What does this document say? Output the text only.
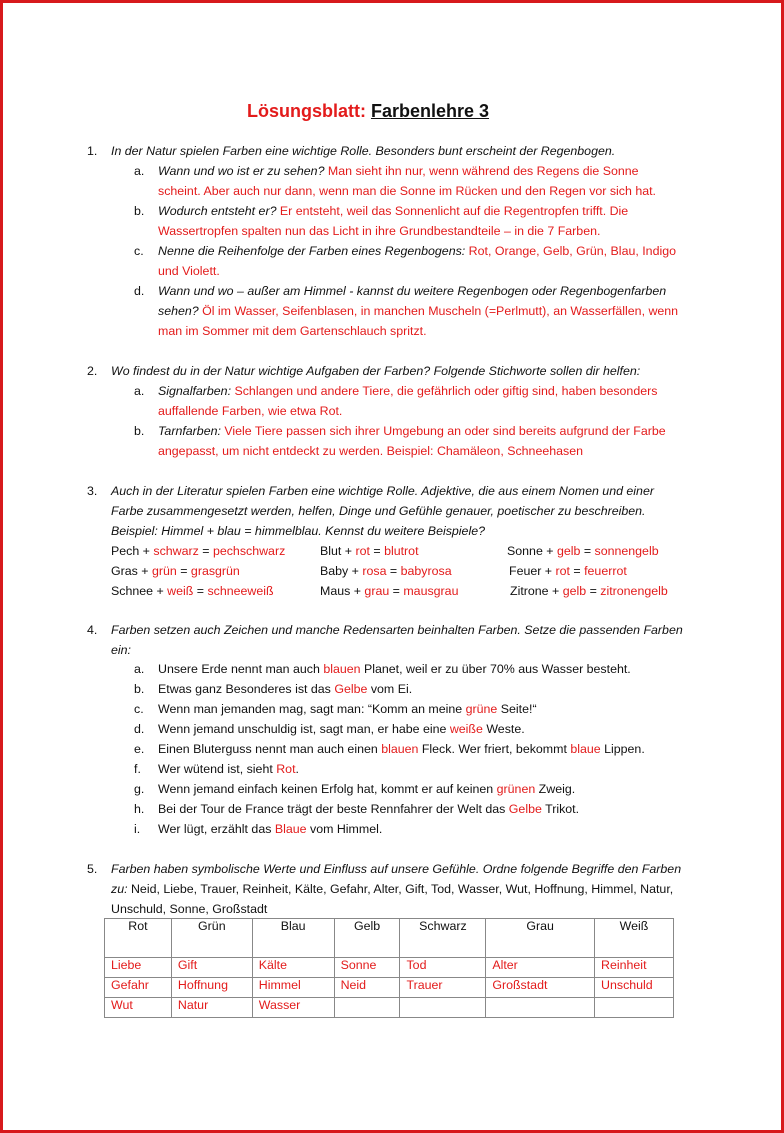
Lösungsblatt: Farbenlehre 3
1.	In der Natur spielen Farben eine wichtige Rolle. Besonders bunt erscheint der Regenbogen.
a. Wann und wo ist er zu sehen? Man sieht ihn nur, wenn während des Regens die Sonne
scheint. Aber auch nur dann, wenn man die Sonne im Rücken und den Regen vor sich hat.
b. Wodurch entsteht er? Er entsteht, weil das Sonnenlicht auf die Regentropfen trifft. Die
Wassertropfen spalten nun das Licht in ihre Grundbestandteile – in die 7 Farben.
c. Nenne die Reihenfolge der Farben eines Regenbogens: Rot, Orange, Gelb, Grün, Blau, Indigo
und Violett.
d. Wann und wo – außer am Himmel - kannst du weitere Regenbogen oder Regenbogenfarben
sehen? Öl im Wasser, Seifenblasen, in manchen Muscheln (=Perlmutt), an Wasserfällen, wenn
man im Sommer mit dem Gartenschlauch spritzt.
2.	Wo findest du in der Natur wichtige Aufgaben der Farben? Folgende Stichworte sollen dir helfen:
a. Signalfarben: Schlangen und andere Tiere, die gefährlich oder giftig sind, haben besonders
auffallende Farben, wie etwa Rot.
b. Tarnfarben: Viele Tiere passen sich ihrer Umgebung an oder sind bereits aufgrund der Farbe
angepasst, um nicht entdeckt zu werden. Beispiel: Chamäleon, Schneehasen
3.	Auch in der Literatur spielen Farben eine wichtige Rolle. Adjektive, die aus einem Nomen und einer
Farbe zusammengesetzt werden, helfen, Dinge und Gefühle genauer, poetischer zu beschreiben.
Beispiel: Himmel + blau = himmelblau. Kennst du weitere Beispiele?
Pech + schwarz = pechschwarz	Blut + rot = blutrot	Sonne + gelb = sonnengelb
Gras + grün = grasgrün	Baby + rosa = babyrosa	Feuer + rot = feuerrot
Schnee + weiß = schneeweiß	Maus + grau = mausgrau	Zitrone + gelb = zitronengelb
4.	Farben setzen auch Zeichen und manche Redensarten beinhalten Farben. Setze die passenden Farben
ein:
a. Unsere Erde nennt man auch blauen Planet, weil er zu über 70% aus Wasser besteht.
b. Etwas ganz Besonderes ist das Gelbe vom Ei.
c. Wenn man jemanden mag, sagt man: “Komm an meine grüne Seite!“
d. Wenn jemand unschuldig ist, sagt man, er habe eine weiße Weste.
e. Einen Bluterguss nennt man auch einen blauen Fleck. Wer friert, bekommt blaue Lippen.
f. Wer wütend ist, sieht Rot.
g. Wenn jemand einfach keinen Erfolg hat, kommt er auf keinen grünen Zweig.
h. Bei der Tour de France trägt der beste Rennfahrer der Welt das Gelbe Trikot.
i. Wer lügt, erzählt das Blaue vom Himmel.
5.	Farben haben symbolische Werte und Einfluss auf unsere Gefühle. Ordne folgende Begriffe den Farben
zu: Neid, Liebe, Trauer, Reinheit, Kälte, Gefahr, Alter, Gift, Tod, Wasser, Wut, Hoffnung, Himmel, Natur,
Unschuld, Sonne, Großstadt
Rot	Grün	Blau	Gelb	Schwarz	Grau	Weiß
Liebe	Gift	Kälte	Sonne	Tod	Alter	Reinheit
Gefahr	Hoffnung	Himmel	Neid	Trauer	Großstadt	Unschuld
Wut	Natur	Wasser				
